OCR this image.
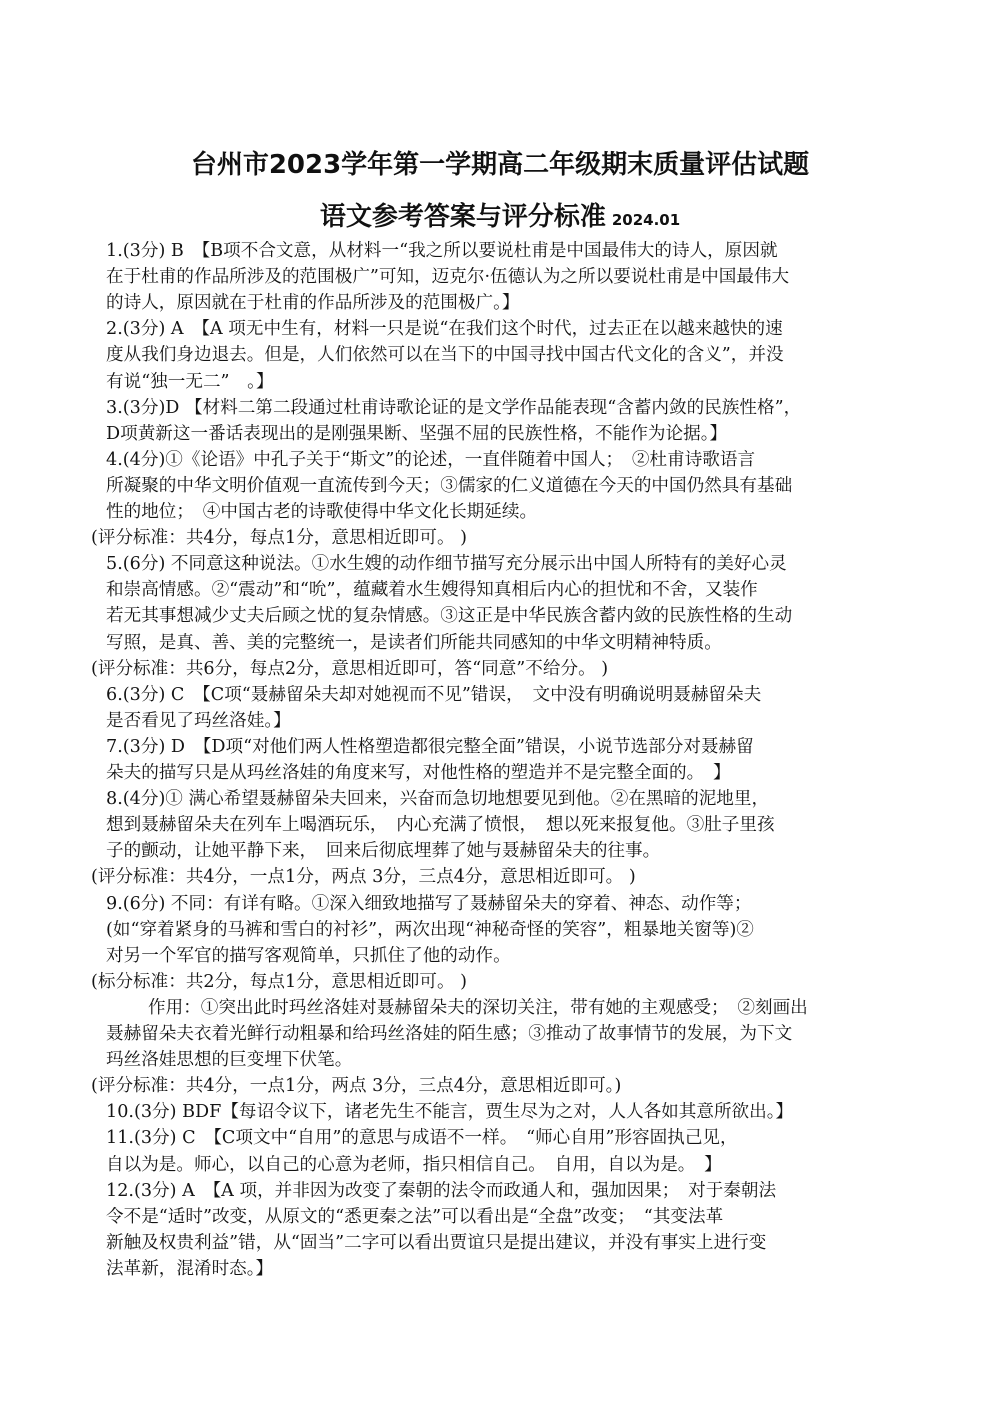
台州市2023学年第一学期高二年级期末质量评估试题
语文参考答案与评分标准 2024.01

1.(3分) B　【B项不合文意，从材料一“我之所以要说杜甫是中国最伟大的诗人，原因就

在于杜甫的作品所涉及的范围极广”可知，迈克尔·伍德认为之所以要说杜甫是中国最伟大

的诗人，原因就在于杜甫的作品所涉及的范围极广。】

2.(3分) A　【A 项无中生有，材料一只是说“在我们这个时代，过去正在以越来越快的速

度从我们身边退去。但是，人们依然可以在当下的中国寻找中国古代文化的含义”，并没

有说“独一无二”　。】

3.(3分)D 【材料二第二段通过杜甫诗歌论证的是文学作品能表现“含蓄内敛的民族性格”，

D项黄新这一番话表现出的是刚强果断、坚强不屈的民族性格，不能作为论据。】

4.(4分)①《论语》中孔子关于“斯文”的论述，一直伴随着中国人；　②杜甫诗歌语言

所凝聚的中华文明价值观一直流传到今天；③儒家的仁义道德在今天的中国仍然具有基础

性的地位；　④中国古老的诗歌使得中华文化长期延续。

(评分标准：共4分，每点1分，意思相近即可。 )

5.(6分) 不同意这种说法。①水生嫂的动作细节描写充分展示出中国人所特有的美好心灵

和崇高情感。②“震动”和“吮”，蕴藏着水生嫂得知真相后内心的担忧和不舍，又装作

若无其事想减少丈夫后顾之忧的复杂情感。③这正是中华民族含蓄内敛的民族性格的生动

写照，是真、善、美的完整统一，是读者们所能共同感知的中华文明精神特质。

(评分标准：共6分，每点2分，意思相近即可，答“同意”不给分。 )

6.(3分) C　【C项“聂赫留朵夫却对她视而不见”错误，　文中没有明确说明聂赫留朵夫

是否看见了玛丝洛娃。】

7.(3分) D　【D项“对他们两人性格塑造都很完整全面”错误，小说节选部分对聂赫留

朵夫的描写只是从玛丝洛娃的角度来写，对他性格的塑造并不是完整全面的。　】

8.(4分)① 满心希望聂赫留朵夫回来，兴奋而急切地想要见到他。②在黑暗的泥地里，

想到聂赫留朵夫在列车上喝酒玩乐，　内心充满了愤恨，　想以死来报复他。③肚子里孩

子的颤动，让她平静下来，　回来后彻底埋葬了她与聂赫留朵夫的往事。

(评分标准：共4分，一点1分，两点 3分，三点4分，意思相近即可。 )

9.(6分) 不同：有详有略。①深入细致地描写了聂赫留朵夫的穿着、神态、动作等；

(如“穿着紧身的马裤和雪白的衬衫”，两次出现“神秘奇怪的笑容”，粗暴地关窗等)②

对另一个军官的描写客观简单，只抓住了他的动作。

(标分标准：共2分，每点1分，意思相近即可。 )

作用：①突出此时玛丝洛娃对聂赫留朵夫的深切关注，带有她的主观感受；　②刻画出

聂赫留朵夫衣着光鲜行动粗暴和给玛丝洛娃的陌生感；③推动了故事情节的发展，为下文

玛丝洛娃思想的巨变埋下伏笔。

(评分标准：共4分，一点1分，两点 3分，三点4分，意思相近即可。)

10.(3分) BDF【每诏令议下，诸老先生不能言，贾生尽为之对，人人各如其意所欲出。】

11.(3分) C　【C项文中“自用”的意思与成语不一样。　“师心自用”形容固执己见，

自以为是。师心，以自己的心意为老师，指只相信自己。　自用，自以为是。　】

12.(3分) A　【A 项，并非因为改变了秦朝的法令而政通人和，强加因果；　对于秦朝法

令不是“适时”改变，从原文的“悉更秦之法”可以看出是“全盘”改变；　“其变法革

新触及权贵利益”错，从“固当”二字可以看出贾谊只是提出建议，并没有事实上进行变

法革新，混淆时态。】
